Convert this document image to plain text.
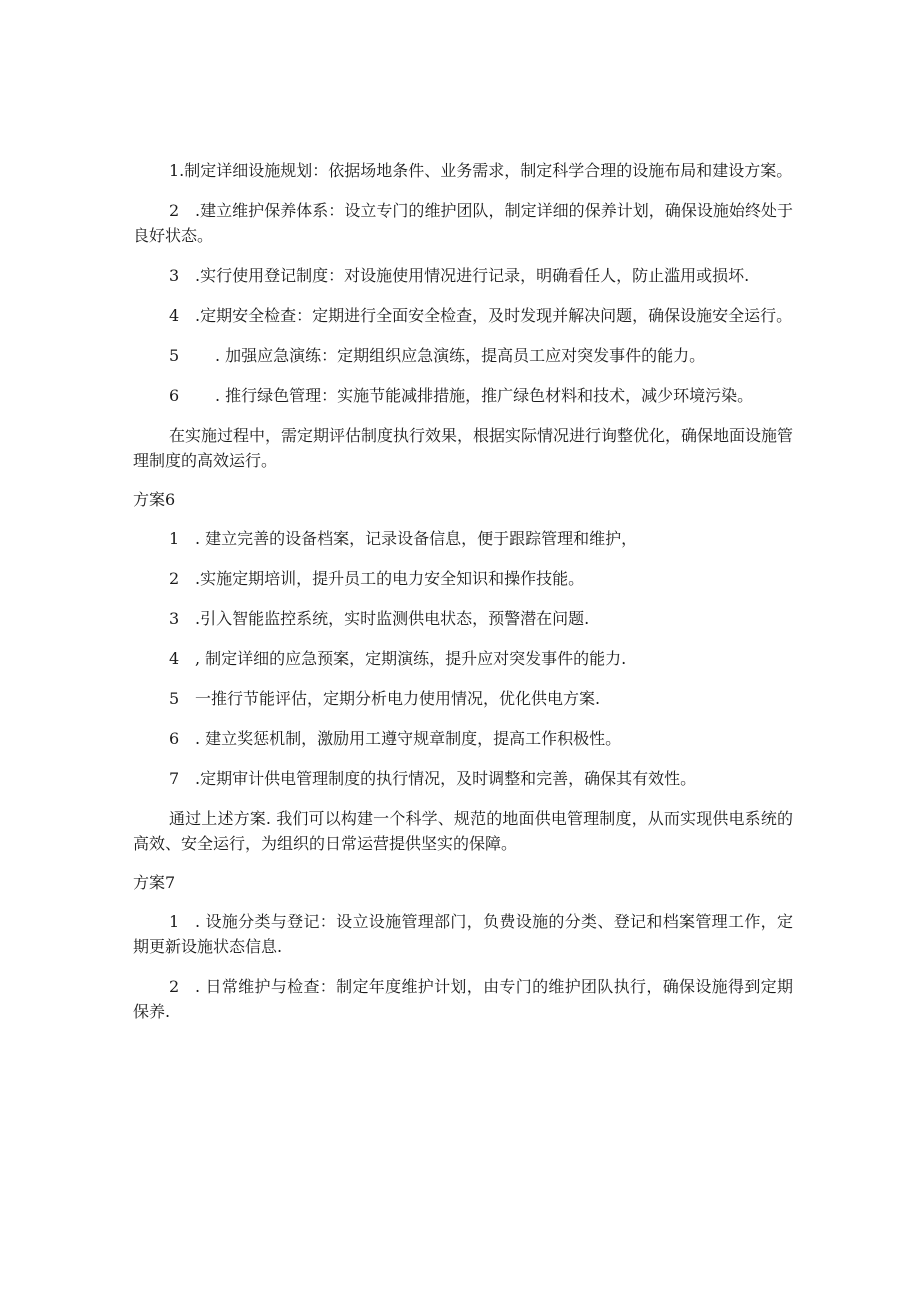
1.制定详细设施规划：依据场地条件、业务需求，制定科学合理的设施布局和建设方案。

2 .建立维护保养体系：设立专门的维护团队，制定详细的保养计划，确保设施始终处于良好状态。

3 .实行使用登记制度：对设施使用情况进行记录，明确看任人，防止滥用或损坏.

4 .定期安全检查：定期进行全面安全检查，及时发现并解决问题，确保设施安全运行。

5 . 加强应急演练：定期组织应急演练，提高员工应对突发事件的能力。

6 . 推行绿色管理：实施节能减排措施，推广绿色材料和技术，减少环境污染。

在实施过程中，需定期评估制度执行效果，根据实际情况进行询整优化，确保地面设施管理制度的高效运行。

方案6

1 . 建立完善的设备档案，记录设备信息，便于跟踪管理和维护，

2 .实施定期培训，提升员工的电力安全知识和操作技能。

3 .引入智能监控系统，实时监测供电状态，预警潜在问题.

4 , 制定详细的应急预案，定期演练，提升应对突发事件的能力.

5 一推行节能评估，定期分析电力使用情况，优化供电方案.

6 . 建立奖惩机制，激励用工遵守规章制度，提高工作积极性。

7 .定期审计供电管理制度的执行情况，及时调整和完善，确保其有效性。

通过上述方案. 我们可以构建一个科学、规范的地面供电管理制度，从而实现供电系统的高效、安全运行，为组织的日常运营提供坚实的保障。

方案7

1 . 设施分类与登记：设立设施管理部门，负费设施的分类、登记和档案管理工作，定期更新设施状态信息.

2 . 日常维护与检查：制定年度维护计划，由专门的维护团队执行，确保设施得到定期保养.
